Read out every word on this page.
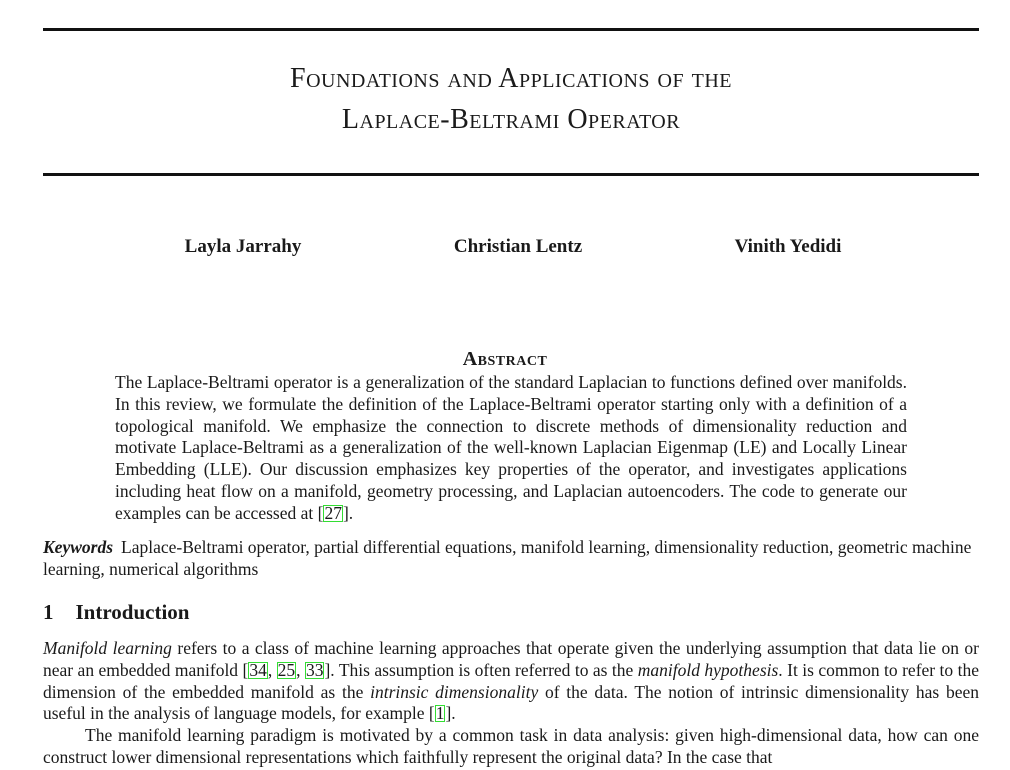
Foundations and Applications of the
Laplace-Beltrami Operator
Layla Jarrahy	Christian Lentz	Vinith Yedidi
Abstract
The Laplace-Beltrami operator is a generalization of the standard Laplacian to functions defined over manifolds. In this review, we formulate the definition of the Laplace-Beltrami operator starting only with a definition of a topological manifold. We emphasize the connection to discrete methods of dimensionality reduction and motivate Laplace-Beltrami as a generalization of the well-known Laplacian Eigenmap (LE) and Locally Linear Embedding (LLE). Our discussion emphasizes key properties of the operator, and investigates applications including heat flow on a manifold, geometry processing, and Laplacian autoencoders. The code to generate our examples can be accessed at [27].
Keywords Laplace-Beltrami operator, partial differential equations, manifold learning, dimensionality reduction, geometric machine learning, numerical algorithms
1 Introduction

Manifold learning refers to a class of machine learning approaches that operate given the underlying assumption that data lie on or near an embedded manifold [34, 25, 33]. This assumption is often referred to as the manifold hypothesis. It is common to refer to the dimension of the embedded manifold as the intrinsic dimensionality of the data. The notion of intrinsic dimensionality has been useful in the analysis of language models, for example [1].

The manifold learning paradigm is motivated by a common task in data analysis: given high-dimensional data, how can one construct lower dimensional representations which faithfully represent the original data? In the case that
